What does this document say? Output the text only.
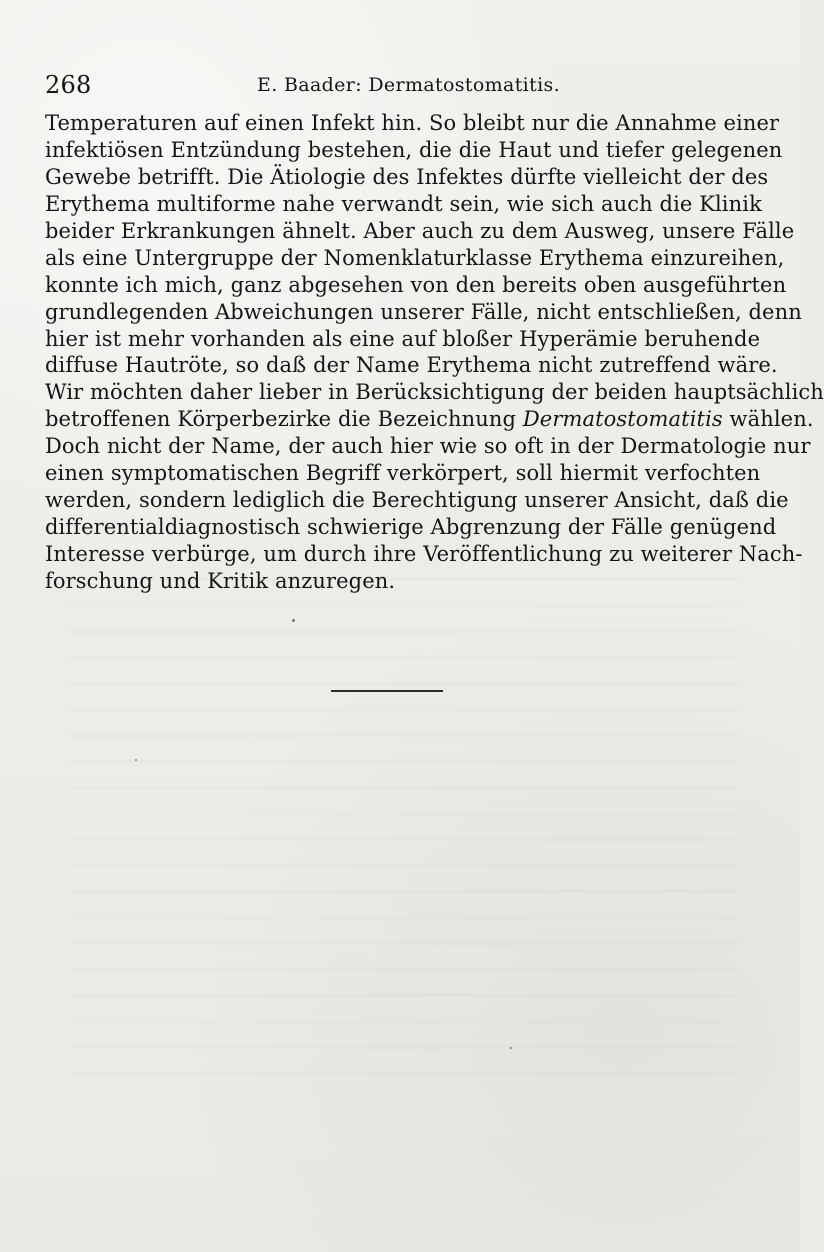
268	E. Baader: Dermatostomatitis.
Temperaturen auf einen Infekt hin. So bleibt nur die Annahme einer
infektiösen Entzündung bestehen, die die Haut und tiefer gelegenen
Gewebe betrifft. Die Ätiologie des Infektes dürfte vielleicht der des
Erythema multiforme nahe verwandt sein, wie sich auch die Klinik
beider Erkrankungen ähnelt. Aber auch zu dem Ausweg, unsere Fälle
als eine Untergruppe der Nomenklaturklasse Erythema einzureihen,
konnte ich mich, ganz abgesehen von den bereits oben ausgeführten
grundlegenden Abweichungen unserer Fälle, nicht entschließen, denn
hier ist mehr vorhanden als eine auf bloßer Hyperämie beruhende
diffuse Hautröte, so daß der Name Erythema nicht zutreffend wäre.
Wir möchten daher lieber in Berücksichtigung der beiden hauptsächlich
betroffenen Körperbezirke die Bezeichnung Dermatostomatitis wählen.
Doch nicht der Name, der auch hier wie so oft in der Dermatologie nur
einen symptomatischen Begriff verkörpert, soll hiermit verfochten
werden, sondern lediglich die Berechtigung unserer Ansicht, daß die
differentialdiagnostisch schwierige Abgrenzung der Fälle genügend
Interesse verbürge, um durch ihre Veröffentlichung zu weiterer Nach-
forschung und Kritik anzuregen.
